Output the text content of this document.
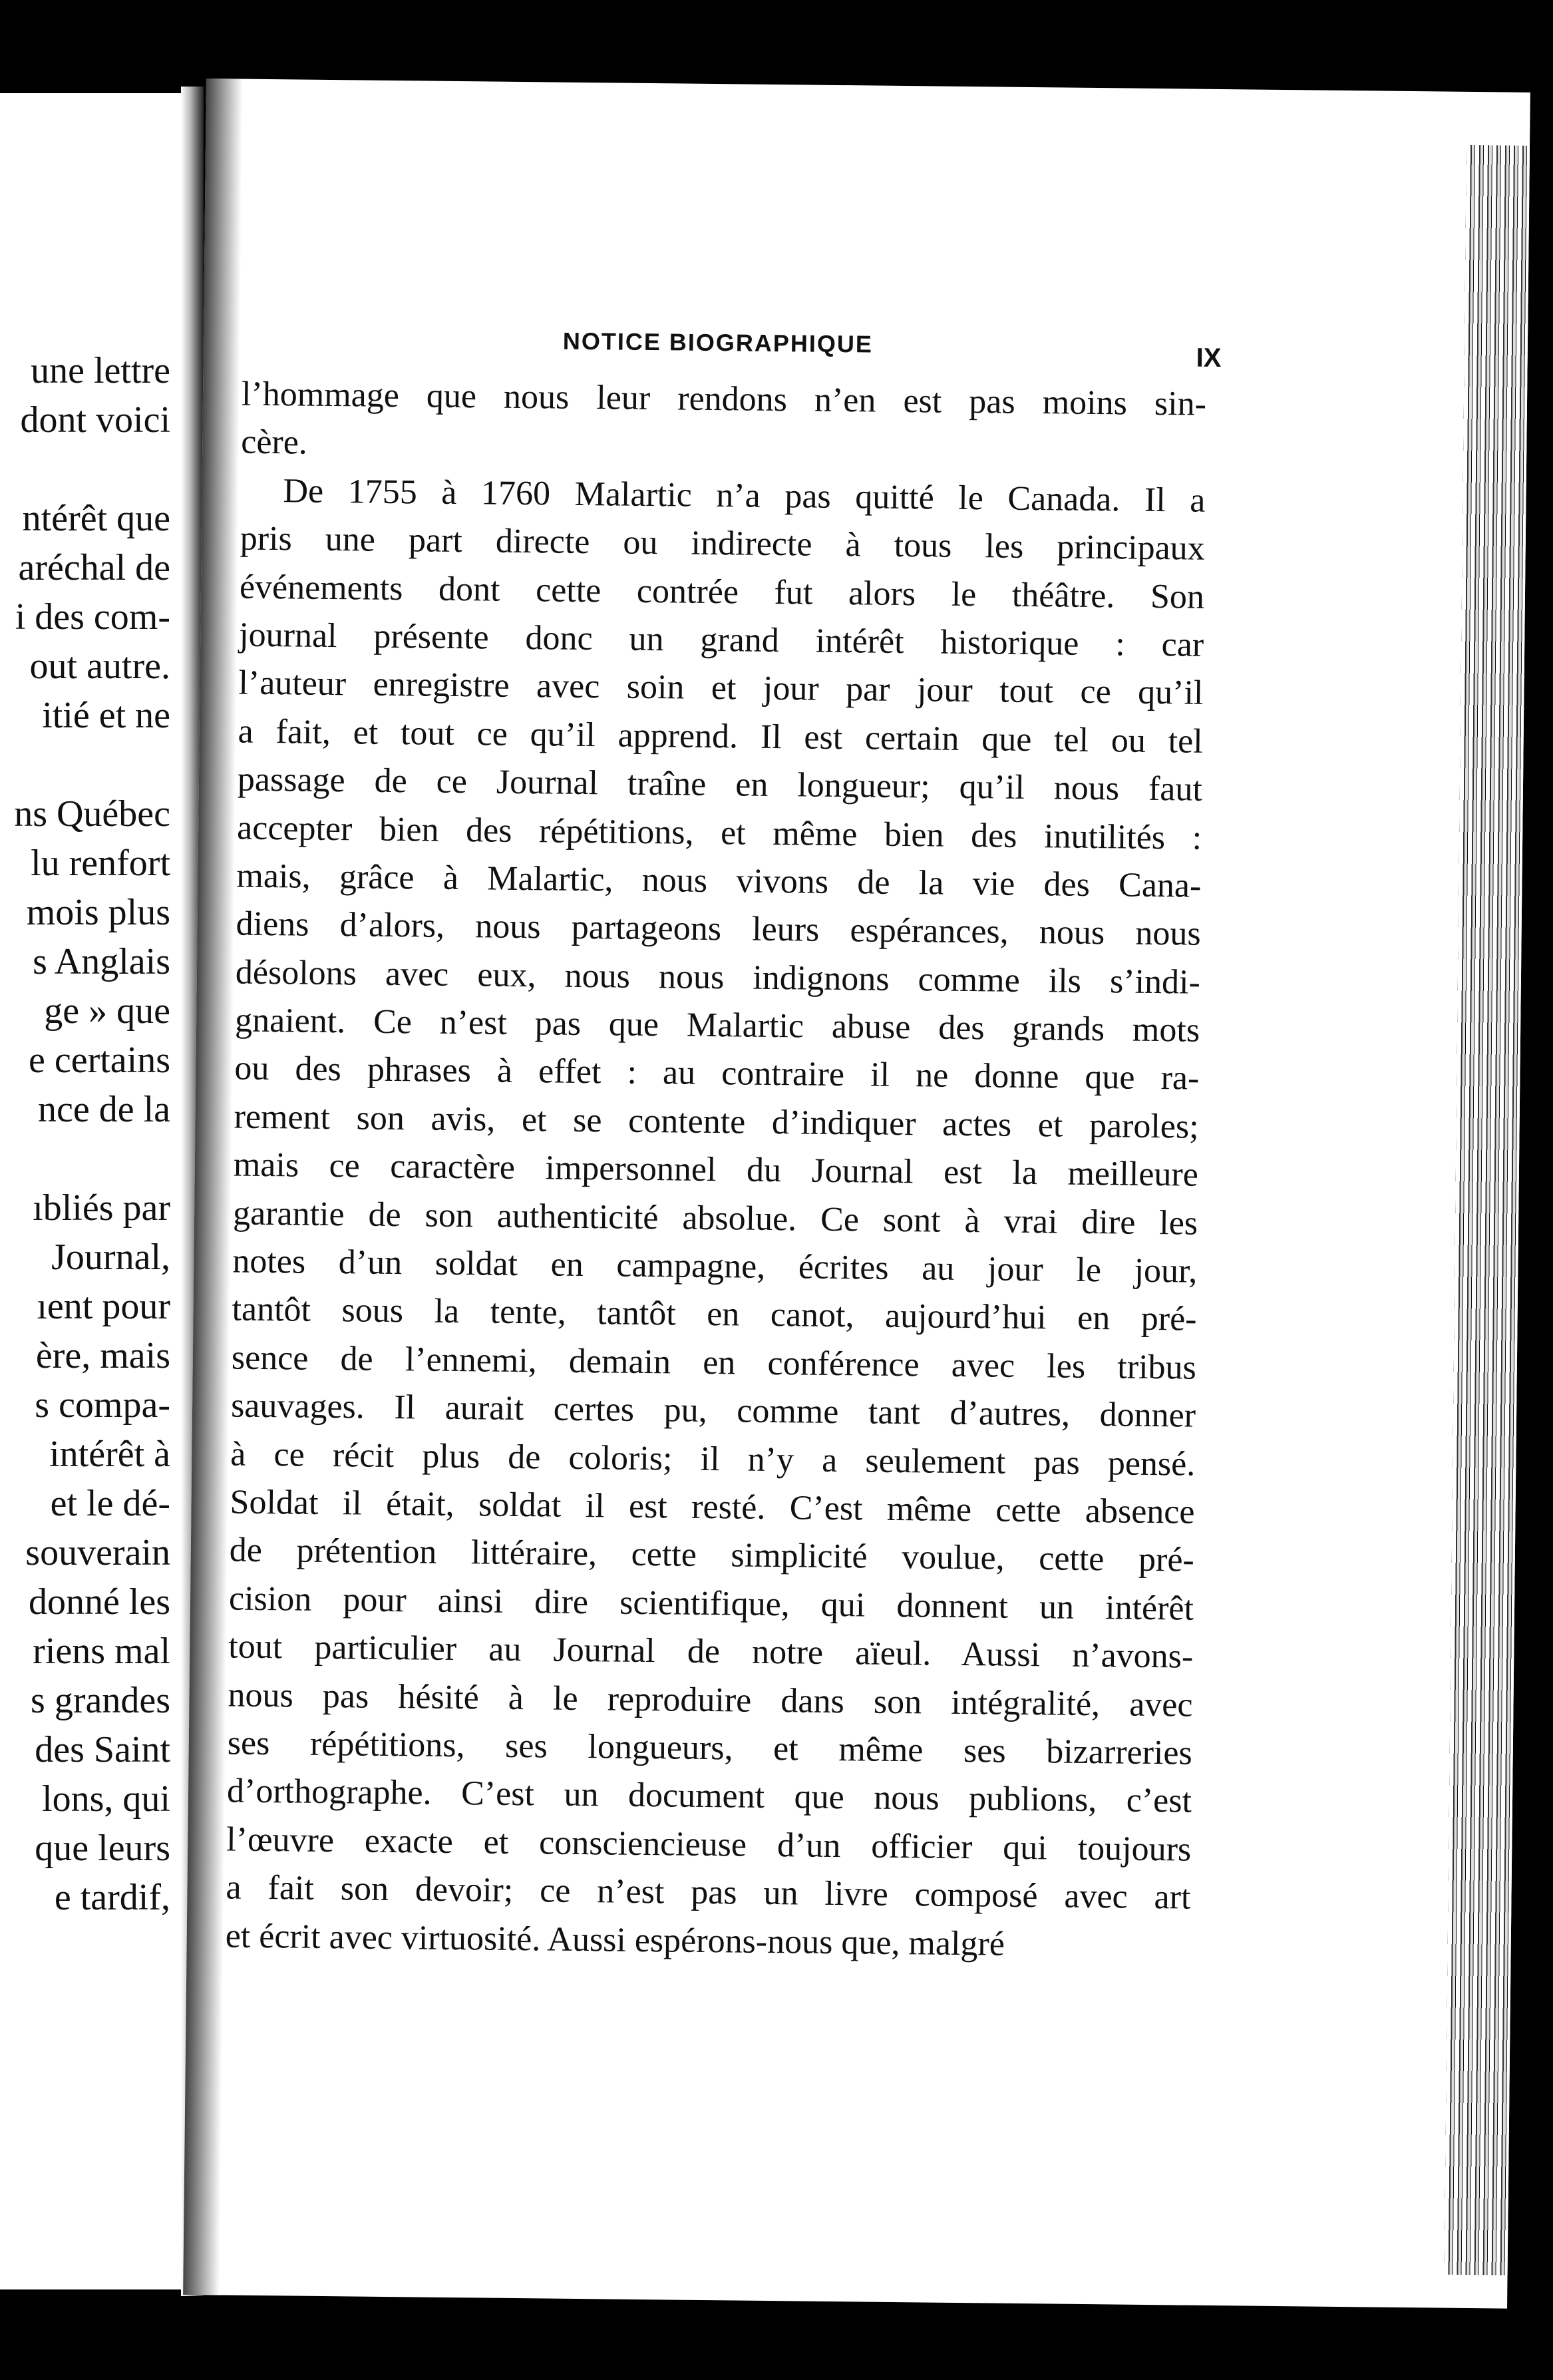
une lettre
dont voici
ntérêt que
aréchal de
i des com-
out autre.
itié et ne
ns Québec
lu renfort
mois plus
s Anglais
ge » que
e certains
nce de la
ıbliés par
Journal,
ıent pour
ère, mais
s compa-
intérêt à
et le dé-
souverain
donné les
riens mal
s grandes
des Saint
lons, qui
que leurs
e tardif,
NOTICE BIOGRAPHIQUE
IX
l’hommage que nous leur rendons n’en est pas moins sin-
cère.
De 1755 à 1760 Malartic n’a pas quitté le Canada. Il a
pris une part directe ou indirecte à tous les principaux
événements dont cette contrée fut alors le théâtre. Son
journal présente donc un grand intérêt historique : car
l’auteur enregistre avec soin et jour par jour tout ce qu’il
a fait, et tout ce qu’il apprend. Il est certain que tel ou tel
passage de ce Journal traîne en longueur; qu’il nous faut
accepter bien des répétitions, et même bien des inutilités :
mais, grâce à Malartic, nous vivons de la vie des Cana-
diens d’alors, nous partageons leurs espérances, nous nous
désolons avec eux, nous nous indignons comme ils s’indi-
gnaient. Ce n’est pas que Malartic abuse des grands mots
ou des phrases à effet : au contraire il ne donne que ra-
rement son avis, et se contente d’indiquer actes et paroles;
mais ce caractère impersonnel du Journal est la meilleure
garantie de son authenticité absolue. Ce sont à vrai dire les
notes d’un soldat en campagne, écrites au jour le jour,
tantôt sous la tente, tantôt en canot, aujourd’hui en pré-
sence de l’ennemi, demain en conférence avec les tribus
sauvages. Il aurait certes pu, comme tant d’autres, donner
à ce récit plus de coloris; il n’y a seulement pas pensé.
Soldat il était, soldat il est resté. C’est même cette absence
de prétention littéraire, cette simplicité voulue, cette pré-
cision pour ainsi dire scientifique, qui donnent un intérêt
tout particulier au Journal de notre aïeul. Aussi n’avons-
nous pas hésité à le reproduire dans son intégralité, avec
ses répétitions, ses longueurs, et même ses bizarreries
d’orthographe. C’est un document que nous publions, c’est
l’œuvre exacte et consciencieuse d’un officier qui toujours
a fait son devoir; ce n’est pas un livre composé avec art
et écrit avec virtuosité. Aussi espérons-nous que, malgré
